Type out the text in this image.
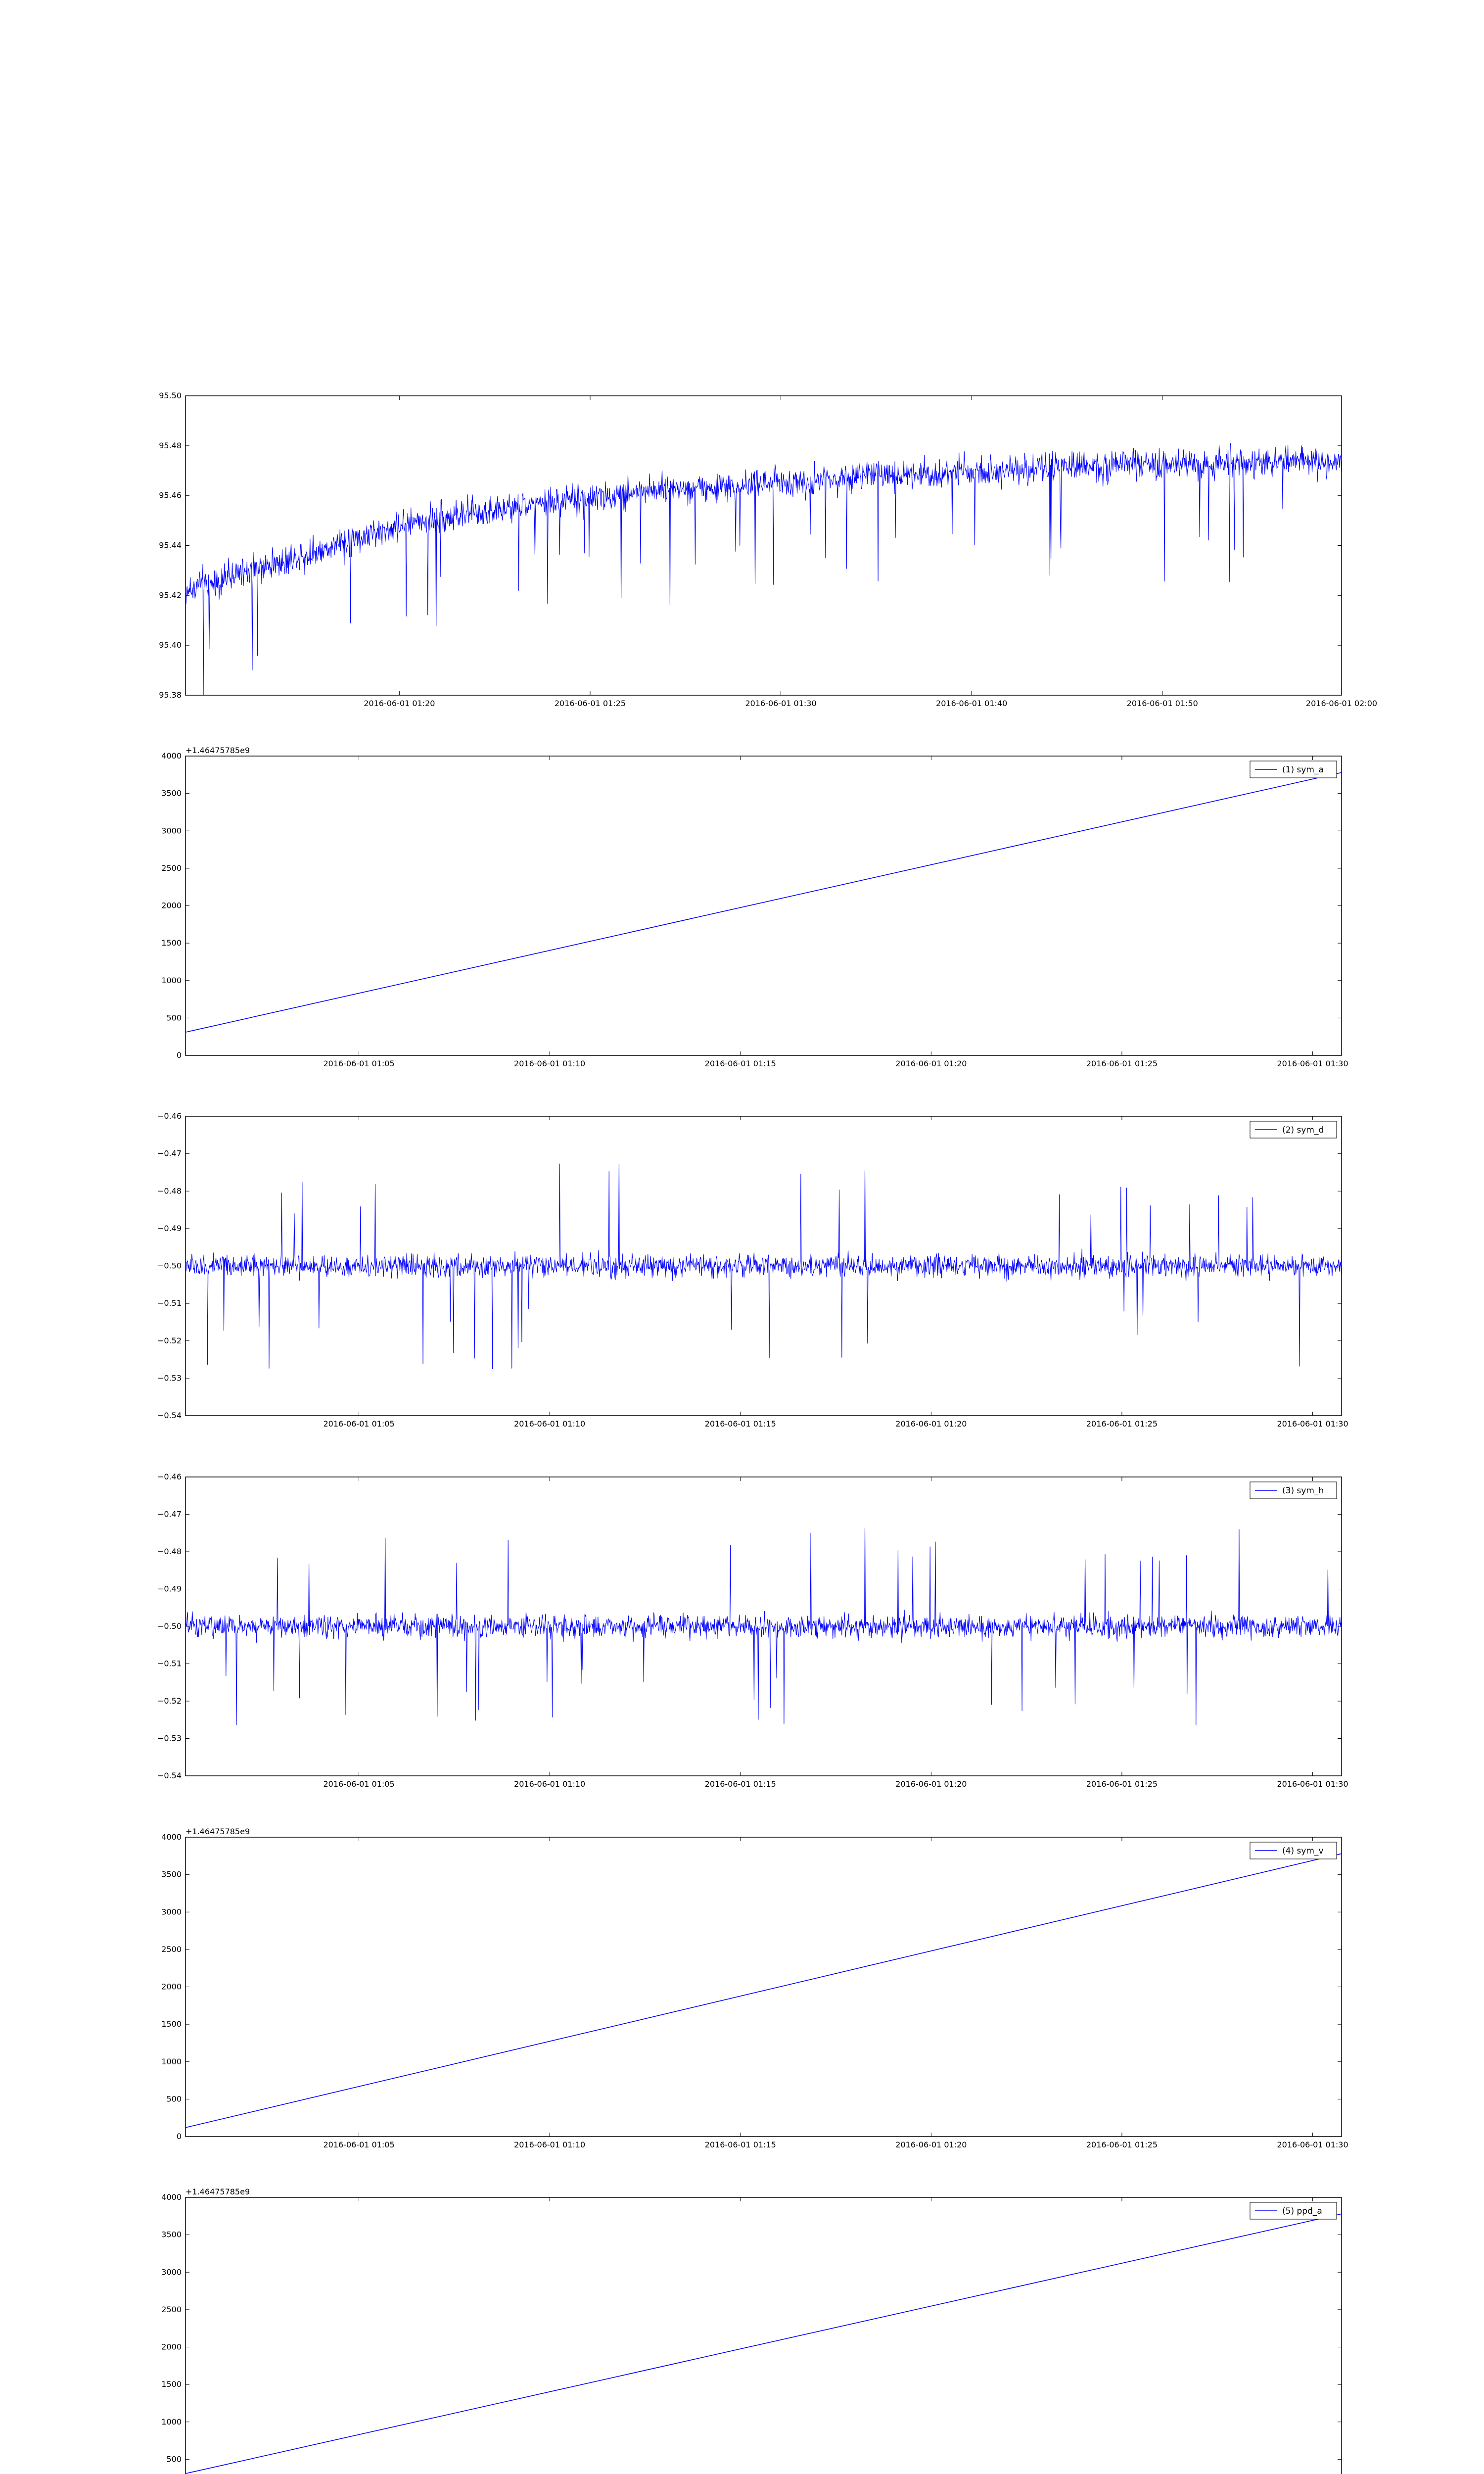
95.38
95.40
95.42
95.44
95.46
95.48
95.50
2016-06-01 01:20	2016-06-01 01:25	2016-06-01 01:30	2016-06-01 01:40	2016-06-01 01:50	2016-06-01 02:00
0
500
1000
1500
2000
2500
3000
3500
4000
2016-06-01 01:05	2016-06-01 01:10	2016-06-01 01:15	2016-06-01 01:20	2016-06-01 01:25	2016-06-01 01:30
+1.46475785e9
(1) sym_a
−0.54
−0.53
−0.52
−0.51
−0.50
−0.49
−0.48
−0.47
−0.46
2016-06-01 01:05	2016-06-01 01:10	2016-06-01 01:15	2016-06-01 01:20	2016-06-01 01:25	2016-06-01 01:30
(2) sym_d
−0.54
−0.53
−0.52
−0.51
−0.50
−0.49
−0.48
−0.47
−0.46
2016-06-01 01:05	2016-06-01 01:10	2016-06-01 01:15	2016-06-01 01:20	2016-06-01 01:25	2016-06-01 01:30
(3) sym_h
0
500
1000
1500
2000
2500
3000
3500
4000
2016-06-01 01:05	2016-06-01 01:10	2016-06-01 01:15	2016-06-01 01:20	2016-06-01 01:25	2016-06-01 01:30
+1.46475785e9
(4) sym_v
500
1000
1500
2000
2500
3000
3500
4000
+1.46475785e9
(5) ppd_a
